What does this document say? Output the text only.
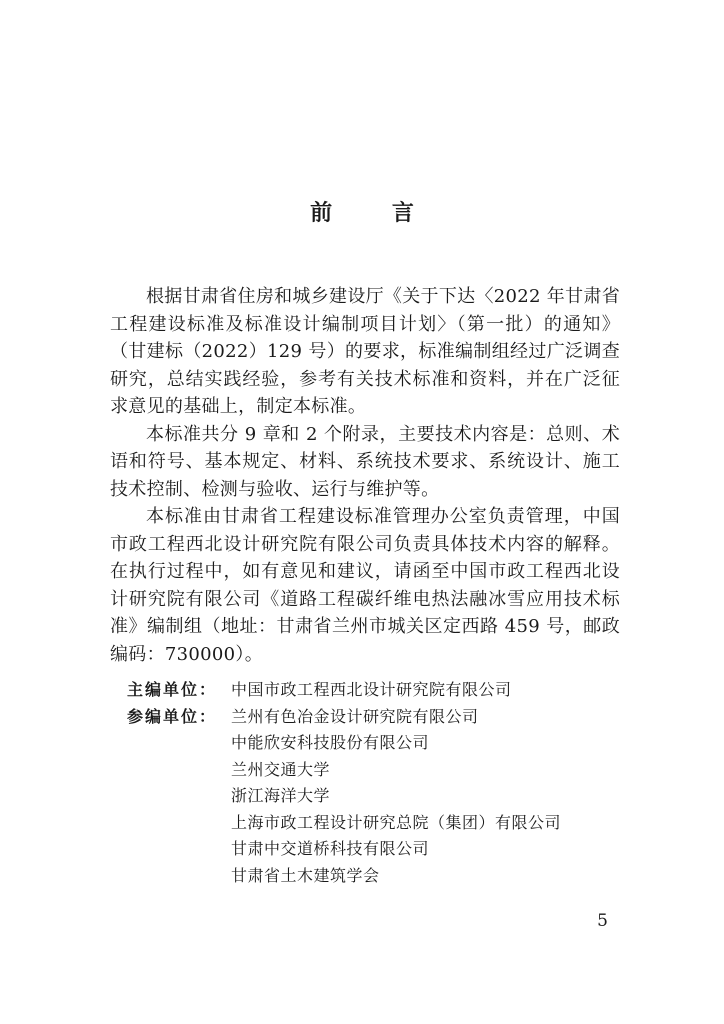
前 言

根据甘肃省住房和城乡建设厅《关于下达〈2022 年甘肃省工程建设标准及标准设计编制项目计划〉（第一批）的通知》（甘建标（2022）129 号）的要求，标准编制组经过广泛调查研究，总结实践经验，参考有关技术标准和资料，并在广泛征求意见的基础上，制定本标准。

本标准共分 9 章和 2 个附录，主要技术内容是：总则、术语和符号、基本规定、材料、系统技术要求、系统设计、施工技术控制、检测与验收、运行与维护等。

本标准由甘肃省工程建设标准管理办公室负责管理，中国市政工程西北设计研究院有限公司负责具体技术内容的解释。在执行过程中，如有意见和建议，请函至中国市政工程西北设计研究院有限公司《道路工程碳纤维电热法融冰雪应用技术标准》编制组（地址：甘肃省兰州市城关区定西路 459 号，邮政编码：730000）。

主编单位： 中国市政工程西北设计研究院有限公司
参编单位： 兰州有色冶金设计研究院有限公司
中能欣安科技股份有限公司
兰州交通大学
浙江海洋大学
上海市政工程设计研究总院（集团）有限公司
甘肃中交道桥科技有限公司
甘肃省土木建筑学会
5
